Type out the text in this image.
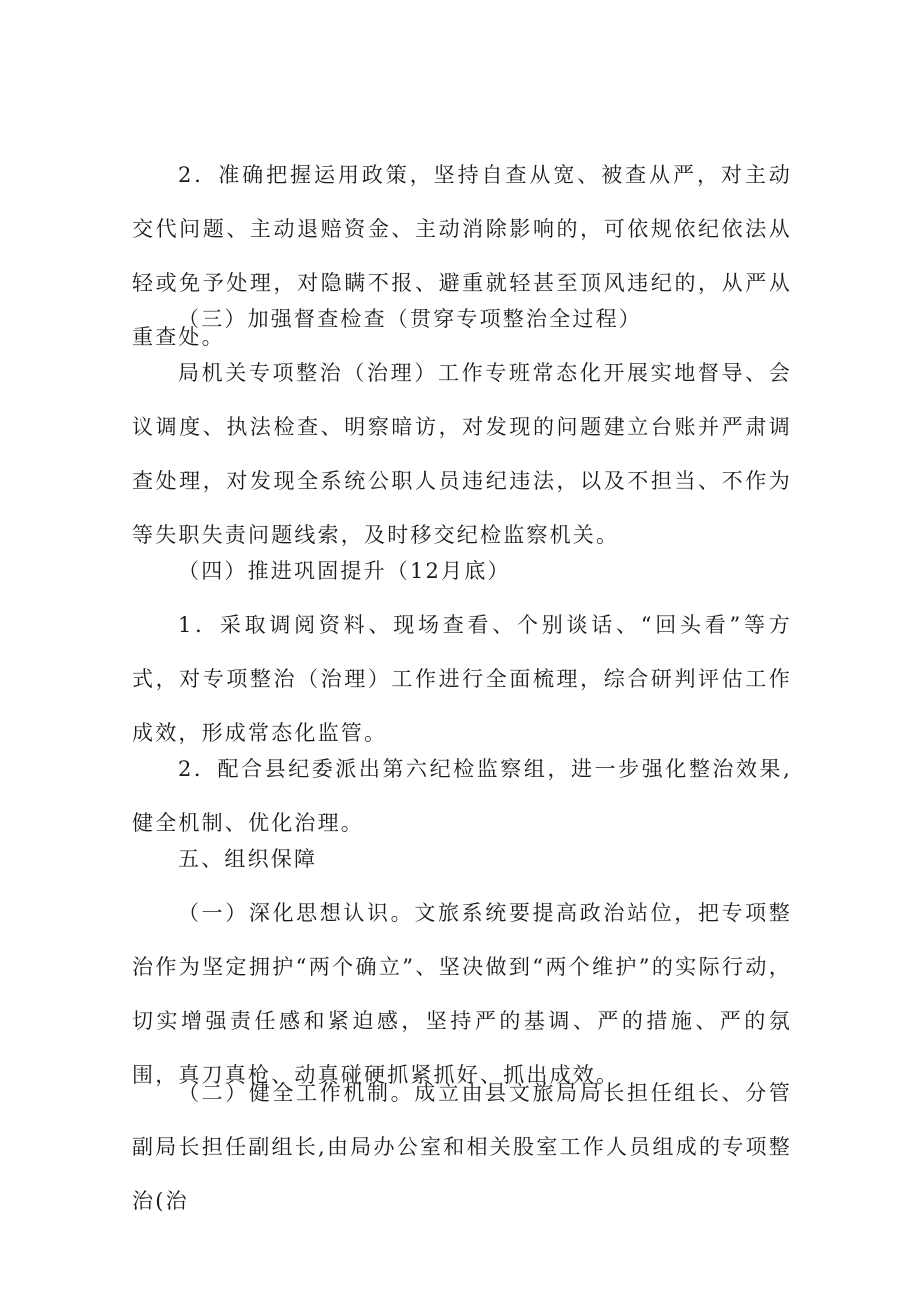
2．准确把握运用政策，坚持自查从宽、被查从严，对主动交代问题、主动退赔资金、主动消除影响的，可依规依纪依法从轻或免予处理，对隐瞒不报、避重就轻甚至顶风违纪的，从严从重查处。

（三）加强督查检查（贯穿专项整治全过程）

局机关专项整治（治理）工作专班常态化开展实地督导、会议调度、执法检查、明察暗访，对发现的问题建立台账并严肃调查处理，对发现全系统公职人员违纪违法，以及不担当、不作为等失职失责问题线索，及时移交纪检监察机关。

（四）推进巩固提升（12月底）

1．采取调阅资料、现场查看、个别谈话、“回头看”等方式，对专项整治（治理）工作进行全面梳理，综合研判评估工作成效，形成常态化监管。

2．配合县纪委派出第六纪检监察组，进一步强化整治效果,健全机制、优化治理。

五、组织保障

（一）深化思想认识。文旅系统要提高政治站位，把专项整治作为坚定拥护“两个确立”、坚决做到“两个维护”的实际行动，切实增强责任感和紧迫感，坚持严的基调、严的措施、严的氛围，真刀真枪、动真碰硬抓紧抓好、抓出成效。

（二）健全工作机制。成立由县文旅局局长担任组长、分管副局长担任副组长,由局办公室和相关股室工作人员组成的专项整治(治
